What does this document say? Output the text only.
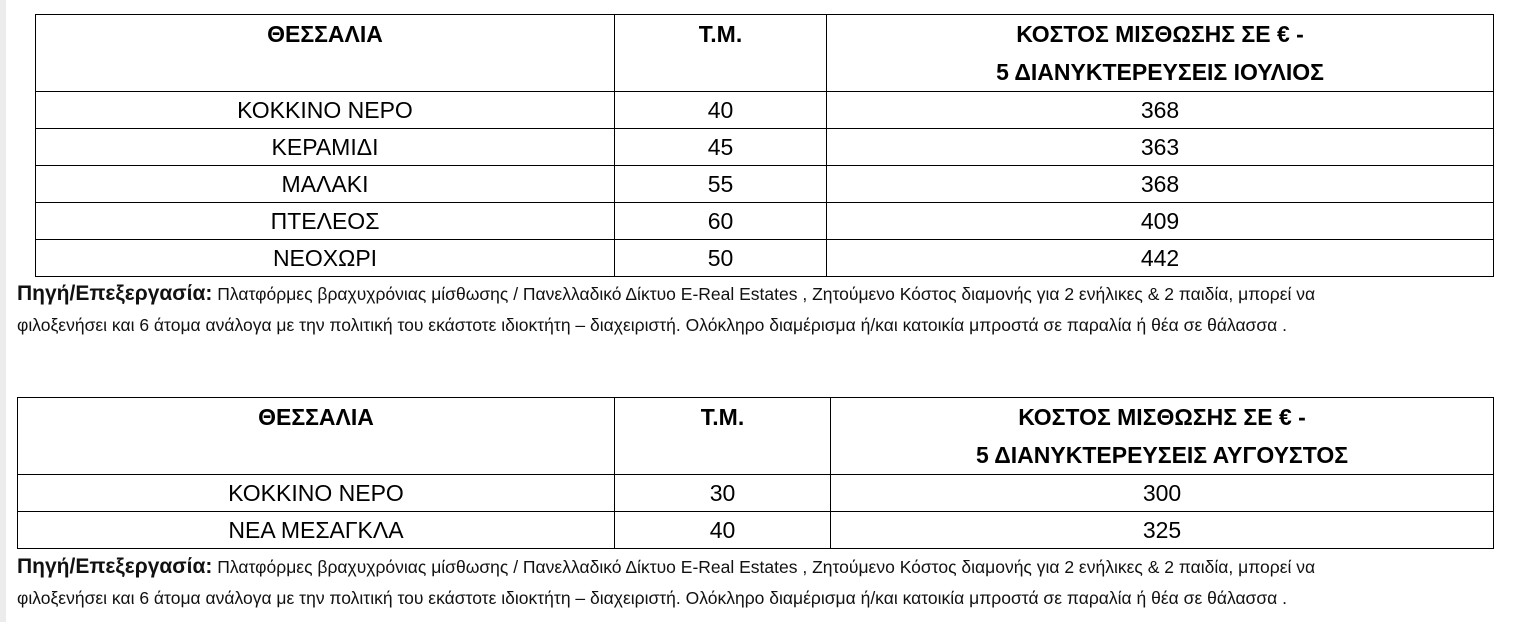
ΘΕΣΣΑΛΙΑ	Τ.Μ.	ΚΟΣΤΟΣ ΜΙΣΘΩΣΗΣ ΣΕ € -
5 ΔΙΑΝΥΚΤΕΡΕΥΣΕΙΣ ΙΟΥΛΙΟΣ

ΚΟΚΚΙΝΟ ΝΕΡΟ	40	368
ΚΕΡΑΜΙΔΙ	45	363
ΜΑΛΑΚΙ	55	368
ΠΤΕΛΕΟΣ	60	409
ΝΕΟΧΩΡΙ	50	442
Πηγή/Επεξεργασία: Πλατφόρμες βραχυχρόνιας μίσθωσης / Πανελλαδικό Δίκτυο E-Real Estates , Ζητούμενο Κόστος διαμονής για 2 ενήλικες & 2 παιδία, μπορεί να
φιλοξενήσει και 6 άτομα ανάλογα με την πολιτική του εκάστοτε ιδιοκτήτη – διαχειριστή. Ολόκληρο διαμέρισμα ή/και κατοικία μπροστά σε παραλία ή θέα σε θάλασσα .
ΘΕΣΣΑΛΙΑ	Τ.Μ.	ΚΟΣΤΟΣ ΜΙΣΘΩΣΗΣ ΣΕ € -
5 ΔΙΑΝΥΚΤΕΡΕΥΣΕΙΣ ΑΥΓΟΥΣΤΟΣ

ΚΟΚΚΙΝΟ ΝΕΡΟ	30	300
ΝΕΑ ΜΕΣΑΓΚΛΑ	40	325
Πηγή/Επεξεργασία: Πλατφόρμες βραχυχρόνιας μίσθωσης / Πανελλαδικό Δίκτυο E-Real Estates , Ζητούμενο Κόστος διαμονής για 2 ενήλικες & 2 παιδία, μπορεί να
φιλοξενήσει και 6 άτομα ανάλογα με την πολιτική του εκάστοτε ιδιοκτήτη – διαχειριστή. Ολόκληρο διαμέρισμα ή/και κατοικία μπροστά σε παραλία ή θέα σε θάλασσα .
